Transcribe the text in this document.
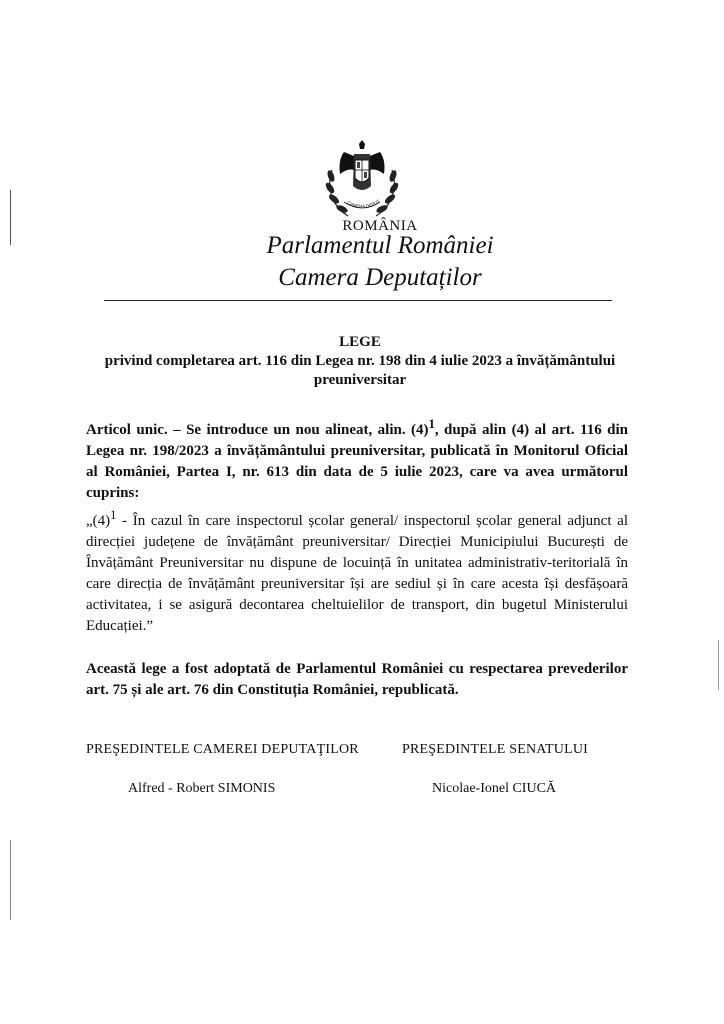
CAMERA DEPUT
ROMÂNIA
Parlamentul României
Camera Deputaților
LEGE
privind completarea art. 116 din Legea nr. 198 din 4 iulie 2023 a învățământului
preuniversitar
Articol unic. – Se introduce un nou alineat, alin. $(4)^1$, după alin (4) al art. 116 din Legea nr. 198/2023 a învățământului preuniversitar, publicată în Monitorul Oficial al României, Partea I, nr. 613 din data de 5 iulie 2023, care va avea următorul cuprins:
$„(4)^1$ - În cazul în care inspectorul școlar general/ inspectorul școlar general adjunct al direcției județene de învățământ preuniversitar/ Direcției Municipiului București de Învățământ Preuniversitar nu dispune de locuință în unitatea administrativ-teritorială în care direcția de învățământ preuniversitar își are sediul și în care acesta își desfășoară activitatea, i se asigură decontarea cheltuielilor de transport, din bugetul Ministerului Educației.”
Această lege a fost adoptată de Parlamentul României cu respectarea prevederilor art. 75 și ale art. 76 din Constituția României, republicată.
PREŞEDINTELE CAMEREI DEPUTAŢILOR	PREŞEDINTELE SENATULUI
Alfred - Robert SIMONIS	Nicolae-Ionel CIUCĂ
